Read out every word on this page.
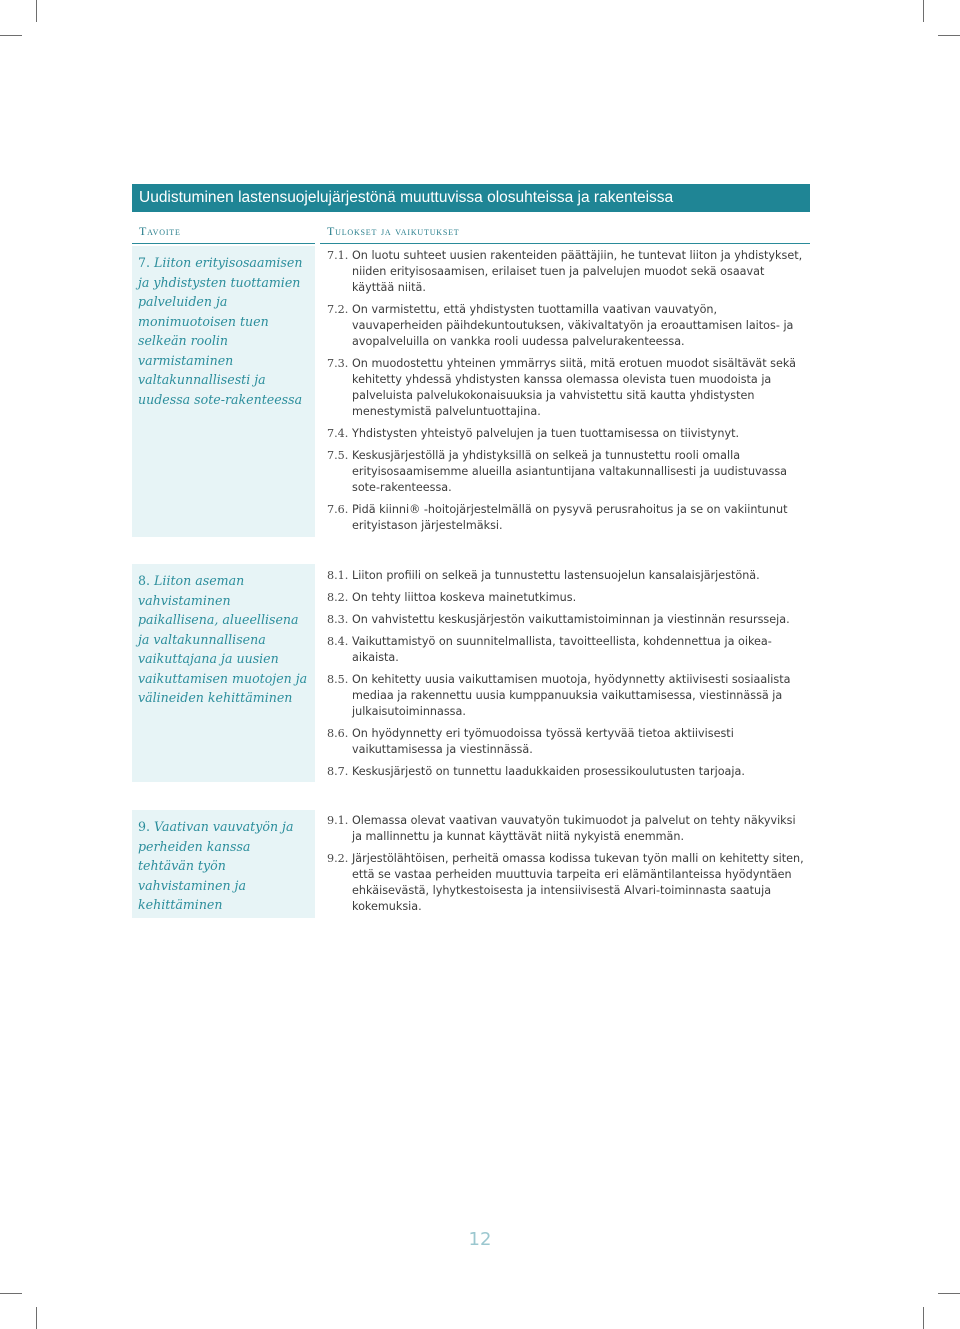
Uudistuminen lastensuojelujärjestönä muuttuvissa olosuhteissa ja rakenteissa
Tavoite	Tulokset ja vaikutukset
7. Liiton erityisosaamisen ja yhdistysten tuottamien palveluiden ja monimuotoisen tuen selkeän roolin varmistaminen valtakunnallisesti ja uudessa sote-rakenteessa
7.1. On luotu suhteet uusien rakenteiden päättäjiin, he tuntevat liiton ja yhdistykset, niiden erityisosaamisen, erilaiset tuen ja palvelujen muodot sekä osaavat käyttää niitä.
7.2. On varmistettu, että yhdistysten tuottamilla vaativan vauvatyön, vauvaperheiden päihdekuntoutuksen, väkivaltatyön ja eroauttamisen laitos- ja avopalveluilla on vankka rooli uudessa palvelurakenteessa.
7.3. On muodostettu yhteinen ymmärrys siitä, mitä erotuen muodot sisältävät sekä kehitetty yhdessä yhdistysten kanssa olemassa olevista tuen muodoista ja palveluista palvelukokonaisuuksia ja vahvistettu sitä kautta yhdistysten menestymistä palveluntuottajina.
7.4. Yhdistysten yhteistyö palvelujen ja tuen tuottamisessa on tiivistynyt.
7.5. Keskusjärjestöllä ja yhdistyksillä on selkeä ja tunnustettu rooli omalla erityisosaamisemme alueilla asiantuntijana valtakunnallisesti ja uudistuvassa sote-rakenteessa.
7.6. Pidä kiinni® -hoitojärjestelmällä on pysyvä perusrahoitus ja se on vakiintunut erityistason järjestelmäksi.
8. Liiton aseman vahvistaminen paikallisena, alueellisena ja valtakunnallisena vaikuttajana ja uusien vaikuttamisen muotojen ja välineiden kehittäminen
8.1. Liiton profiili on selkeä ja tunnustettu lastensuojelun kansalaisjärjestönä.
8.2. On tehty liittoa koskeva mainetutkimus.
8.3. On vahvistettu keskusjärjestön vaikuttamistoiminnan ja viestinnän resursseja.
8.4. Vaikuttamistyö on suunnitelmallista, tavoitteellista, kohdennettua ja oikea-aikaista.
8.5. On kehitetty uusia vaikuttamisen muotoja, hyödynnetty aktiivisesti sosiaalista mediaa ja rakennettu uusia kumppanuuksia vaikuttamisessa, viestinnässä ja julkaisutoiminnassa.
8.6. On hyödynnetty eri työmuodoissa työssä kertyvää tietoa aktiivisesti vaikuttamisessa ja viestinnässä.
8.7. Keskusjärjestö on tunnettu laadukkaiden prosessikoulutusten tarjoaja.
9. Vaativan vauvatyön ja perheiden kanssa tehtävän työn vahvistaminen ja kehittäminen
9.1. Olemassa olevat vaativan vauvatyön tukimuodot ja palvelut on tehty näkyviksi ja mallinnettu ja kunnat käyttävät niitä nykyistä enemmän.
9.2. Järjestölähtöisen, perheitä omassa kodissa tukevan työn malli on kehitetty siten, että se vastaa perheiden muuttuvia tarpeita eri elämäntilanteissa hyödyntäen ehkäisevästä, lyhytkestoisesta ja intensiivisestä Alvari-toiminnasta saatuja kokemuksia.
12
